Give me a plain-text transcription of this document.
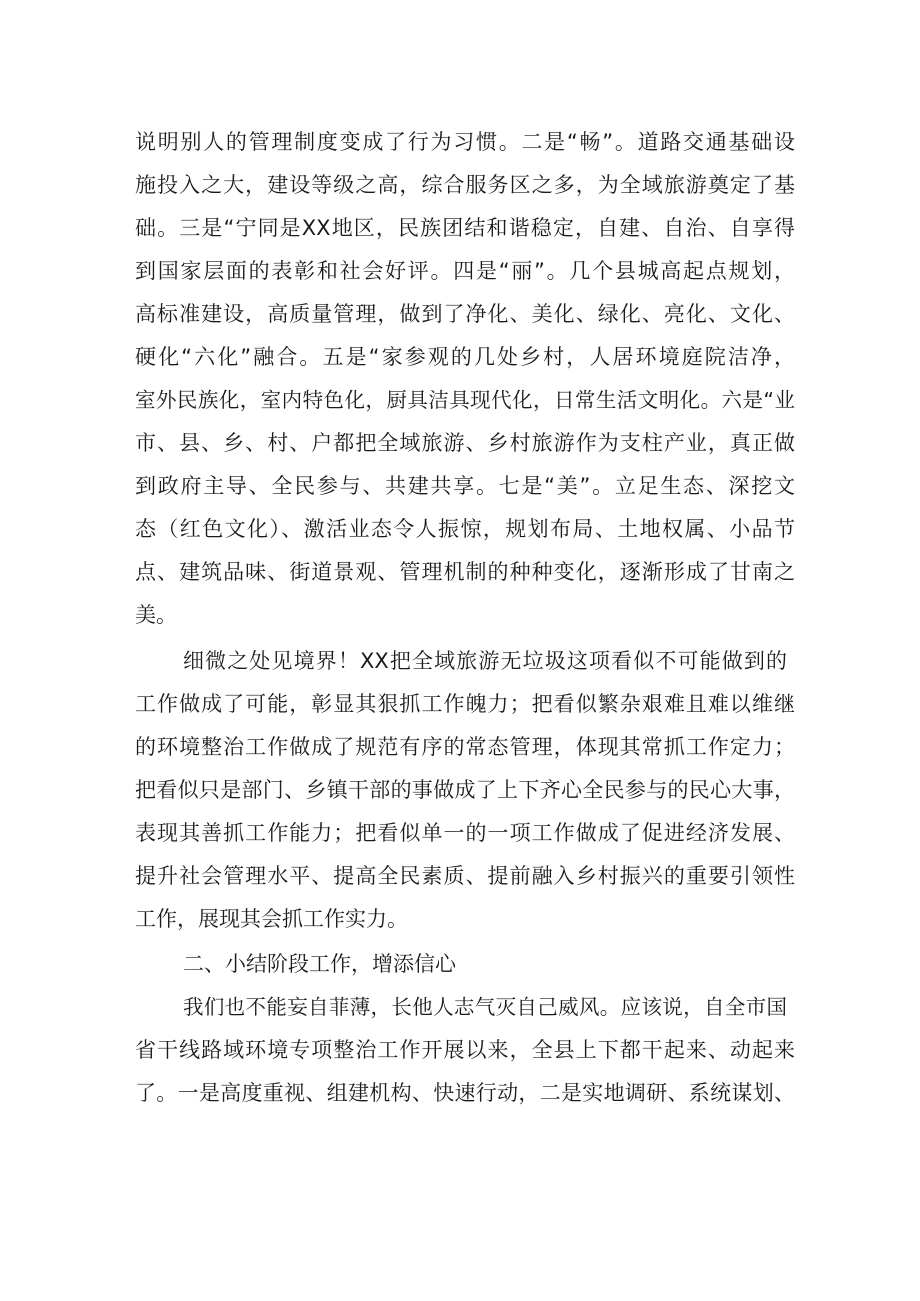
说明别人的管理制度变成了行为习惯。二是“畅”。道路交通基础设
施投入之大，建设等级之高，综合服务区之多，为全域旅游奠定了基
础。三是“宁同是XX地区，民族团结和谐稳定，自建、自治、自享得
到国家层面的表彰和社会好评。四是“丽”。几个县城高起点规划，
高标准建设，高质量管理，做到了净化、美化、绿化、亮化、文化、
硬化“六化”融合。五是“家参观的几处乡村，人居环境庭院洁净，
室外民族化，室内特色化，厨具洁具现代化，日常生活文明化。六是“业
市、县、乡、村、户都把全域旅游、乡村旅游作为支柱产业，真正做
到政府主导、全民参与、共建共享。七是“美”。立足生态、深挖文
态（红色文化）、激活业态令人振惊，规划布局、土地权属、小品节
点、建筑品味、街道景观、管理机制的种种变化，逐渐形成了甘南之
美。
细微之处见境界！XX把全域旅游无垃圾这项看似不可能做到的
工作做成了可能，彰显其狠抓工作魄力；把看似繁杂艰难且难以维继
的环境整治工作做成了规范有序的常态管理，体现其常抓工作定力；
把看似只是部门、乡镇干部的事做成了上下齐心全民参与的民心大事，
表现其善抓工作能力；把看似单一的一项工作做成了促进经济发展、
提升社会管理水平、提高全民素质、提前融入乡村振兴的重要引领性
工作，展现其会抓工作实力。
二、小结阶段工作，增添信心
我们也不能妄自菲薄，长他人志气灭自己威风。应该说，自全市国
省干线路域环境专项整治工作开展以来，全县上下都干起来、动起来
了。一是高度重视、组建机构、快速行动，二是实地调研、系统谋划、
